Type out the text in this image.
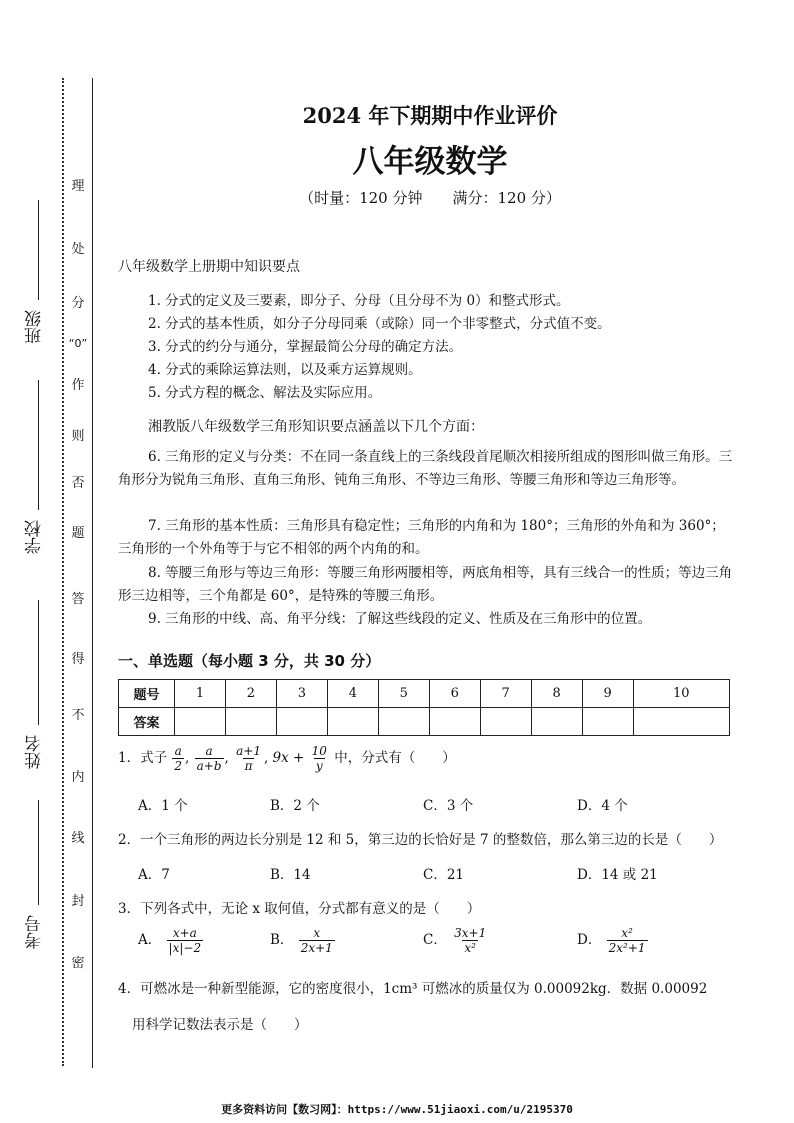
班级
学校
姓名
考号
理
处
分
“0”
作
则
否
题
答
得
不
内
线
封
密
2024 年下期期中作业评价
八年级数学
（时量：120 分钟　　满分：120 分）
八年级数学上册期中知识要点
1. 分式的定义及三要素，即分子、分母（且分母不为 0）和整式形式。
2. 分式的基本性质，如分子分母同乘（或除）同一个非零整式，分式值不变。
3. 分式的约分与通分，掌握最简公分母的确定方法。
4. 分式的乘除运算法则，以及乘方运算规则。
5. 分式方程的概念、解法及实际应用。
湘教版八年级数学三角形知识要点涵盖以下几个方面：
6. 三角形的定义与分类：不在同一条直线上的三条线段首尾顺次相接所组成的图形叫做三角形。三角形分为锐角三角形、直角三角形、钝角三角形、不等边三角形、等腰三角形和等边三角形等。
7. 三角形的基本性质：三角形具有稳定性；三角形的内角和为 180°；三角形的外角和为 360°；三角形的一个外角等于与它不相邻的两个内角的和。
8. 等腰三角形与等边三角形：等腰三角形两腰相等，两底角相等，具有三线合一的性质；等边三角形三边相等，三个角都是 60°，是特殊的等腰三角形。
9. 三角形的中线、高、角平分线：了解这些线段的定义、性质及在三角形中的位置。
一、单选题（每小题 3 分，共 30 分）
题号	1	2	3	4	5	6	7	8	9	10
答案										
1．式子 $\frac{a}{2}$ , $\frac{a}{a+b}$ , $\frac{a+1}{\pi}$ , $9x + \frac{10}{y}$ 中，分式有（　　）
A．1 个	B．2 个	C．3 个	D．4 个
2．一个三角形的两边长分别是 12 和 5，第三边的长恰好是 7 的整数倍，那么第三边的长是（　　）
A．7	B．14	C．21	D．14 或 21
3．下列各式中，无论 x 取何值，分式都有意义的是（　　）
A． $\frac{x+a}{|x|-2}$	B． $\frac{x}{2x+1}$	C． $\frac{3x+1}{\text{x²}}$	D． $\frac{\text{x²}}{\text{2x²+1}}$
4．可燃冰是一种新型能源，它的密度很小，1cm³ 可燃冰的质量仅为 0.00092kg．数据 0.00092
用科学记数法表示是（　　）
更多资料访问【数习网】：https://www.51jiaoxi.com/u/2195370
